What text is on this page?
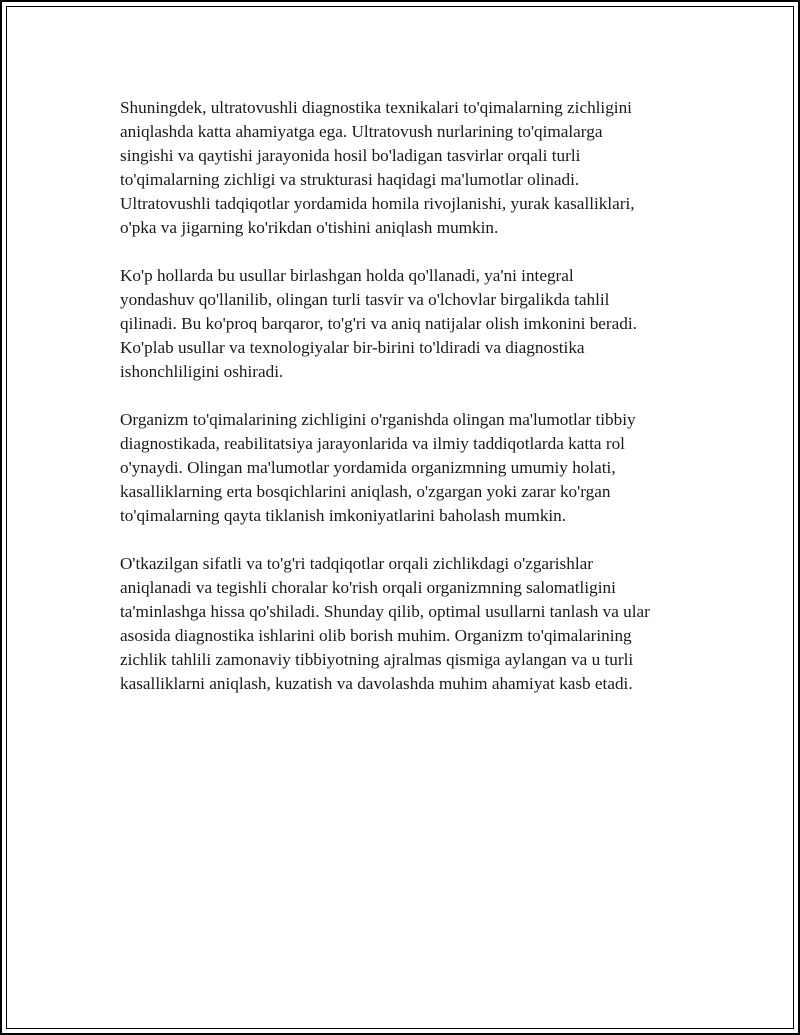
Shuningdek, ultratovushli diagnostika texnikalari to'qimalarning zichligini
aniqlashda katta ahamiyatga ega. Ultratovush nurlarining to'qimalarga
singishi va qaytishi jarayonida hosil bo'ladigan tasvirlar orqali turli
to'qimalarning zichligi va strukturasi haqidagi ma'lumotlar olinadi.
Ultratovushli tadqiqotlar yordamida homila rivojlanishi, yurak kasalliklari,
o'pka va jigarning ko'rikdan o'tishini aniqlash mumkin.

Ko'p hollarda bu usullar birlashgan holda qo'llanadi, ya'ni integral
yondashuv qo'llanilib, olingan turli tasvir va o'lchovlar birgalikda tahlil
qilinadi. Bu ko'proq barqaror, to'g'ri va aniq natijalar olish imkonini beradi.
Ko'plab usullar va texnologiyalar bir-birini to'ldiradi va diagnostika
ishonchliligini oshiradi.

Organizm to'qimalarining zichligini o'rganishda olingan ma'lumotlar tibbiy
diagnostikada, reabilitatsiya jarayonlarida va ilmiy taddiqotlarda katta rol
o'ynaydi. Olingan ma'lumotlar yordamida organizmning umumiy holati,
kasalliklarning erta bosqichlarini aniqlash, o'zgargan yoki zarar ko'rgan
to'qimalarning qayta tiklanish imkoniyatlarini baholash mumkin.

O'tkazilgan sifatli va to'g'ri tadqiqotlar orqali zichlikdagi o'zgarishlar
aniqlanadi va tegishli choralar ko'rish orqali organizmning salomatligini
ta'minlashga hissa qo'shiladi. Shunday qilib, optimal usullarni tanlash va ular
asosida diagnostika ishlarini olib borish muhim. Organizm to'qimalarining
zichlik tahlili zamonaviy tibbiyotning ajralmas qismiga aylangan va u turli
kasalliklarni aniqlash, kuzatish va davolashda muhim ahamiyat kasb etadi.
